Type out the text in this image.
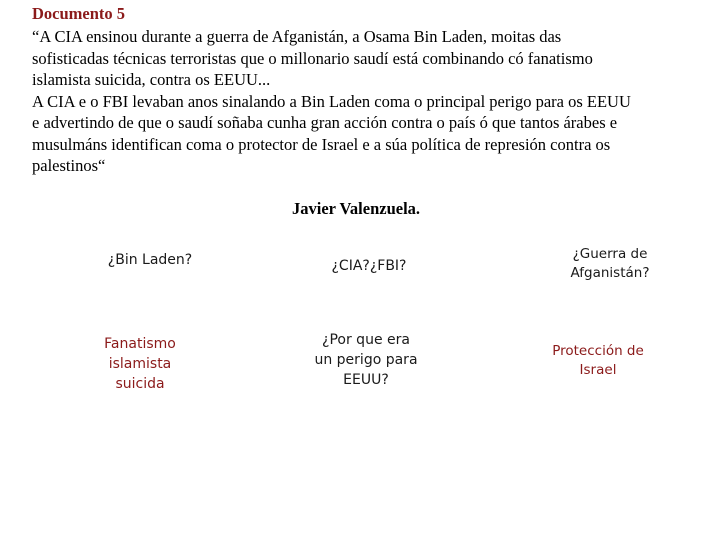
Documento 5

“A CIA ensinou durante a guerra de Afganistán, a Osama Bin Laden, moitas das

sofisticadas técnicas terroristas que o millonario saudí está combinando có fanatismo

islamista suicida, contra os EEUU...

A CIA e o FBI levaban anos sinalando a Bin Laden coma o principal perigo para os EEUU

e advertindo de que o saudí soñaba cunha gran acción contra o país ó que tantos árabes e

musulmáns identifican coma o protector de Israel e a súa política de represión contra os

palestinos“

Javier Valenzuela.
¿Bin Laden?	¿CIA?¿FBI?
¿Guerra de
Afganistán?
Fanatismo
islamista
suicida
¿Por que era
un perigo para
EEUU?
Protección de
Israel
